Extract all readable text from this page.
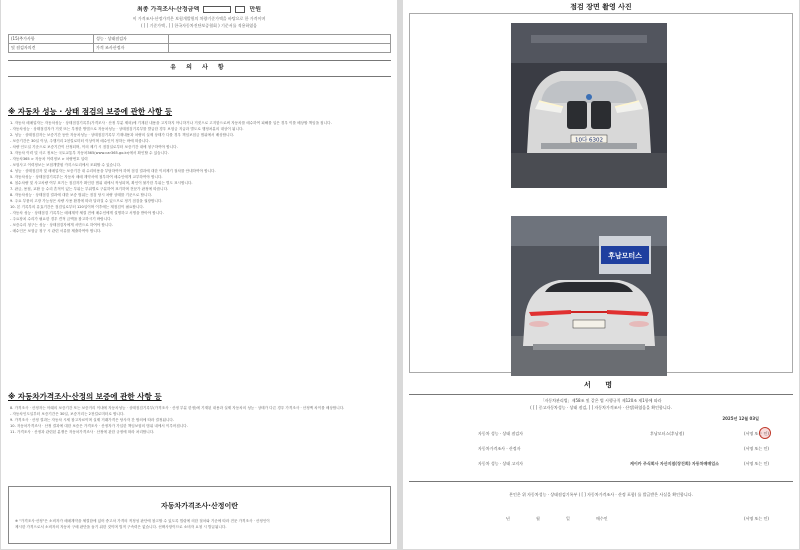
최종 가격조사·산정금액	만원
이 가격조사·산정가격은 보험개발원의 차량기준가액을 바탕으로 한 가격이며
( [ ] 기준가액 , [ ] 한국자동차진단보증협회 ) 기준서를 적용하였음
(15)추가사항	성능 · 상태점검자	
및 점검자의견	가격 조사산정자	
유 의 사 항
※ 자동차 성능 · 상태 점검의 보증에 관한 사항 등

1. 자동차 매매업자는 자동차성능 · 상태점검기록부(가격조사 · 산정 부분 제외)에 기재된 내용을 고지하지 아니하거나 거짓으로 고지함으로써 자동차를 매수하여 피해를 입은 경우 이를 배상할 책임을 집니다.

- 자동차성능 · 상태점검자가 거짓 또는 부정한 방법으로 자동차성능 · 상태점검기록부를 발급한 경우 보험금 지급과 별도로 행정처분의 대상이 됩니다.

2. 성능 · 상태점검자는 보증기간 동안 자동차성능 · 상태점검기록부 기재내용과 차량의 실제 상태가 다를 경우 책임보험금 범위에서 배상합니다.

- 보증기간은 30일 이상, 주행거리 2천킬로미터 이상이며 매수인이 정하는 바에 따릅니다.

- 차량 인도일 기준으로 보증기간이 산정되며, 이의 제기 시 점검일로부터 보증기간 내에 청구하여야 합니다.

3. 자동차 이력 및 사고 정보는 국토교통부 자동차365(www.car365.go.kr)에서 확인할 수 있습니다.

- 자동차365 > 자동차 이력정보 > 차량번호 입력

- 보험사고 이력정보는 보험개발원 카히스토리에서 조회할 수 있습니다.

4. 성능 · 상태점검자 및 매매업자는 보증기간 내 수리비용을 부담하여야 하며 점검 결과에 대한 이의제기 절차를 안내하여야 합니다.

5. 자동차성능 · 상태점검기록부는 자동차 매매 계약서에 첨부하여 매수인에게 교부하여야 합니다.

6. 침수차량 및 사고차량 여부 표기는 점검자가 확인한 범위 내에서 작성되며, 확인이 불가한 부위는 별도 표시합니다.

7. 판금, 용접, 교환 등 수리 흔적이 있는 부위는 부위별로 구분하여 표기하며 전문가 판정에 따릅니다.

8. 자동차성능 · 상태점검 결과에 대한 보증 범위는 점검 당시 차량 상태를 기준으로 합니다.

9. 주요 부품의 고장 가능성은 차량 사용 환경에 따라 달라질 수 있으므로 정기 점검을 권장합니다.

10. 본 기록부의 유효기간은 점검일로부터 120일이며 이후에는 재점검이 필요합니다.

- 자동차 성능 · 상태점검 기록부는 매매계약 체결 전에 매수인에게 설명하고 서명을 받아야 합니다.

- 주요장치 수리가 필요한 경우 견적 금액을 참고하시기 바랍니다.

- 보증수리 청구는 성능 · 상태점검자에게 서면으로 하여야 합니다.

- 매수인은 보험금 청구 시 관련 서류를 제출하여야 합니다.

※ 자동차가격조사·산정의 보증에 관한 사항 등

8. 가격조사 · 산정자는 아래의 보증기간 또는 보증거리 이내에 자동차성능 · 상태점검기록부(가격조사 · 산정 부분 한정)에 기재된 내용과 실제 자동차의 성능 · 상태가 다른 경우 가격조사 · 산정액 차이를 배상합니다.

- 자동차인도일부터 보증기간은 30일, 보증거리는 2천킬로미터로 합니다.

9. 가격조사 · 산정 결과는 자동차 시세 참고자료이며 실제 거래가격은 당사자 간 합의에 따라 결정됩니다.

10. 자동차가격조사 · 산정 결과에 대한 보증은 가격조사 · 산정자가 가입한 책임보험의 범위 내에서 이루어집니다.

11. 가격조사 · 산정과 관련된 분쟁은 자동차가격조사 · 산정에 관한 규정에 따라 처리합니다.

자동차가격조사·산정이란

※ "가격조사·산정"은 소비자가 매매계약을 체결함에 있어 중고차 가격의 적정성 판단에 참고할 수 있도록 법령에 의한 절차와 기준에 따라 전문 가격조사 · 산정인이

제시한 가격으로서 소비자의 자동차 구매 판단을 돕기 위한 것이며 법적 구속력은 없습니다. 선택사항이므로 소비자 요청 시 발급됩니다.

점검 장면 촬영 사진
10다 6302
후남모터스
서 명
「자동차관리법」제58조 및 같은 법 시행규칙 제120조 제1항에 따라
( [ ] 중고자동차성능 · 상태 점검, [ ] 자동차가격조사 · 산정)하였음을 확인합니다.
2025년 12월 03일
자동차 성능 · 상태 점검자	후남모터스(후남점)	(서명 또는 인)
자동차가격조사 · 산정자	(서명 또는 인)
자동차 성능 · 상태 고지자	케이카 주식회사 자산지점(장진희) 자동차매매업소	(서명 또는 인)
본인은 위 자동차성능 · 상태점검기록부 ( [ ] 자동차가격조사 · 산정 포함) 를 발급받은 사실을 확인합니다.
년	월	일	매수인	(서명 또는 인)
